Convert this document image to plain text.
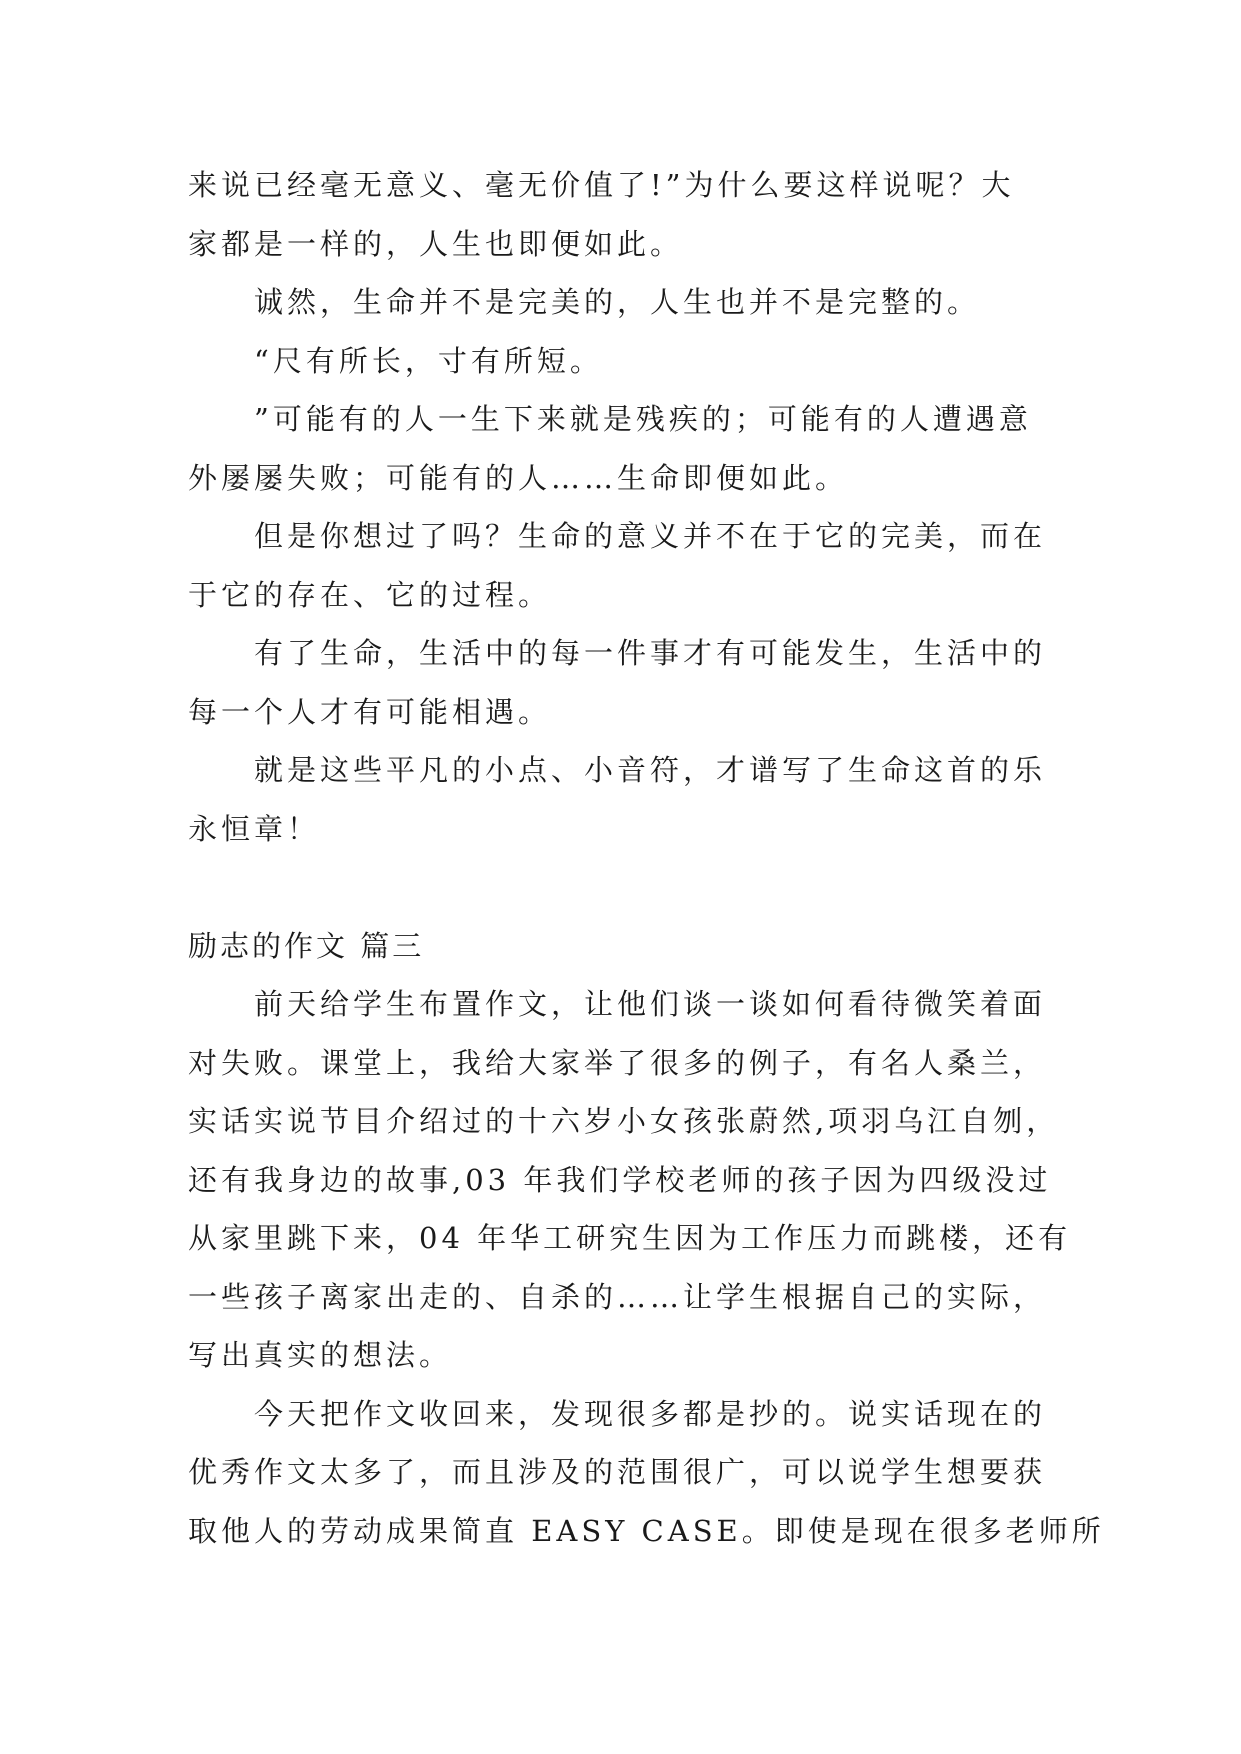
来说已经毫无意义、毫无价值了!”为什么要这样说呢？大
家都是一样的，人生也即便如此。
诚然，生命并不是完美的，人生也并不是完整的。
“尺有所长，寸有所短。
”可能有的人一生下来就是残疾的；可能有的人遭遇意
外屡屡失败；可能有的人……生命即便如此。
但是你想过了吗？生命的意义并不在于它的完美，而在
于它的存在、它的过程。
有了生命，生活中的每一件事才有可能发生，生活中的
每一个人才有可能相遇。
就是这些平凡的小点、小音符，才谱写了生命这首的乐
永恒章！
励志的作文 篇三
前天给学生布置作文，让他们谈一谈如何看待微笑着面
对失败。课堂上，我给大家举了很多的例子，有名人桑兰，
实话实说节目介绍过的十六岁小女孩张蔚然,项羽乌江自刎，
还有我身边的故事,03 年我们学校老师的孩子因为四级没过
从家里跳下来，04 年华工研究生因为工作压力而跳楼，还有
一些孩子离家出走的、自杀的……让学生根据自己的实际，
写出真实的想法。
今天把作文收回来，发现很多都是抄的。说实话现在的
优秀作文太多了，而且涉及的范围很广，可以说学生想要获
取他人的劳动成果简直 EASY CASE。即使是现在很多老师所
